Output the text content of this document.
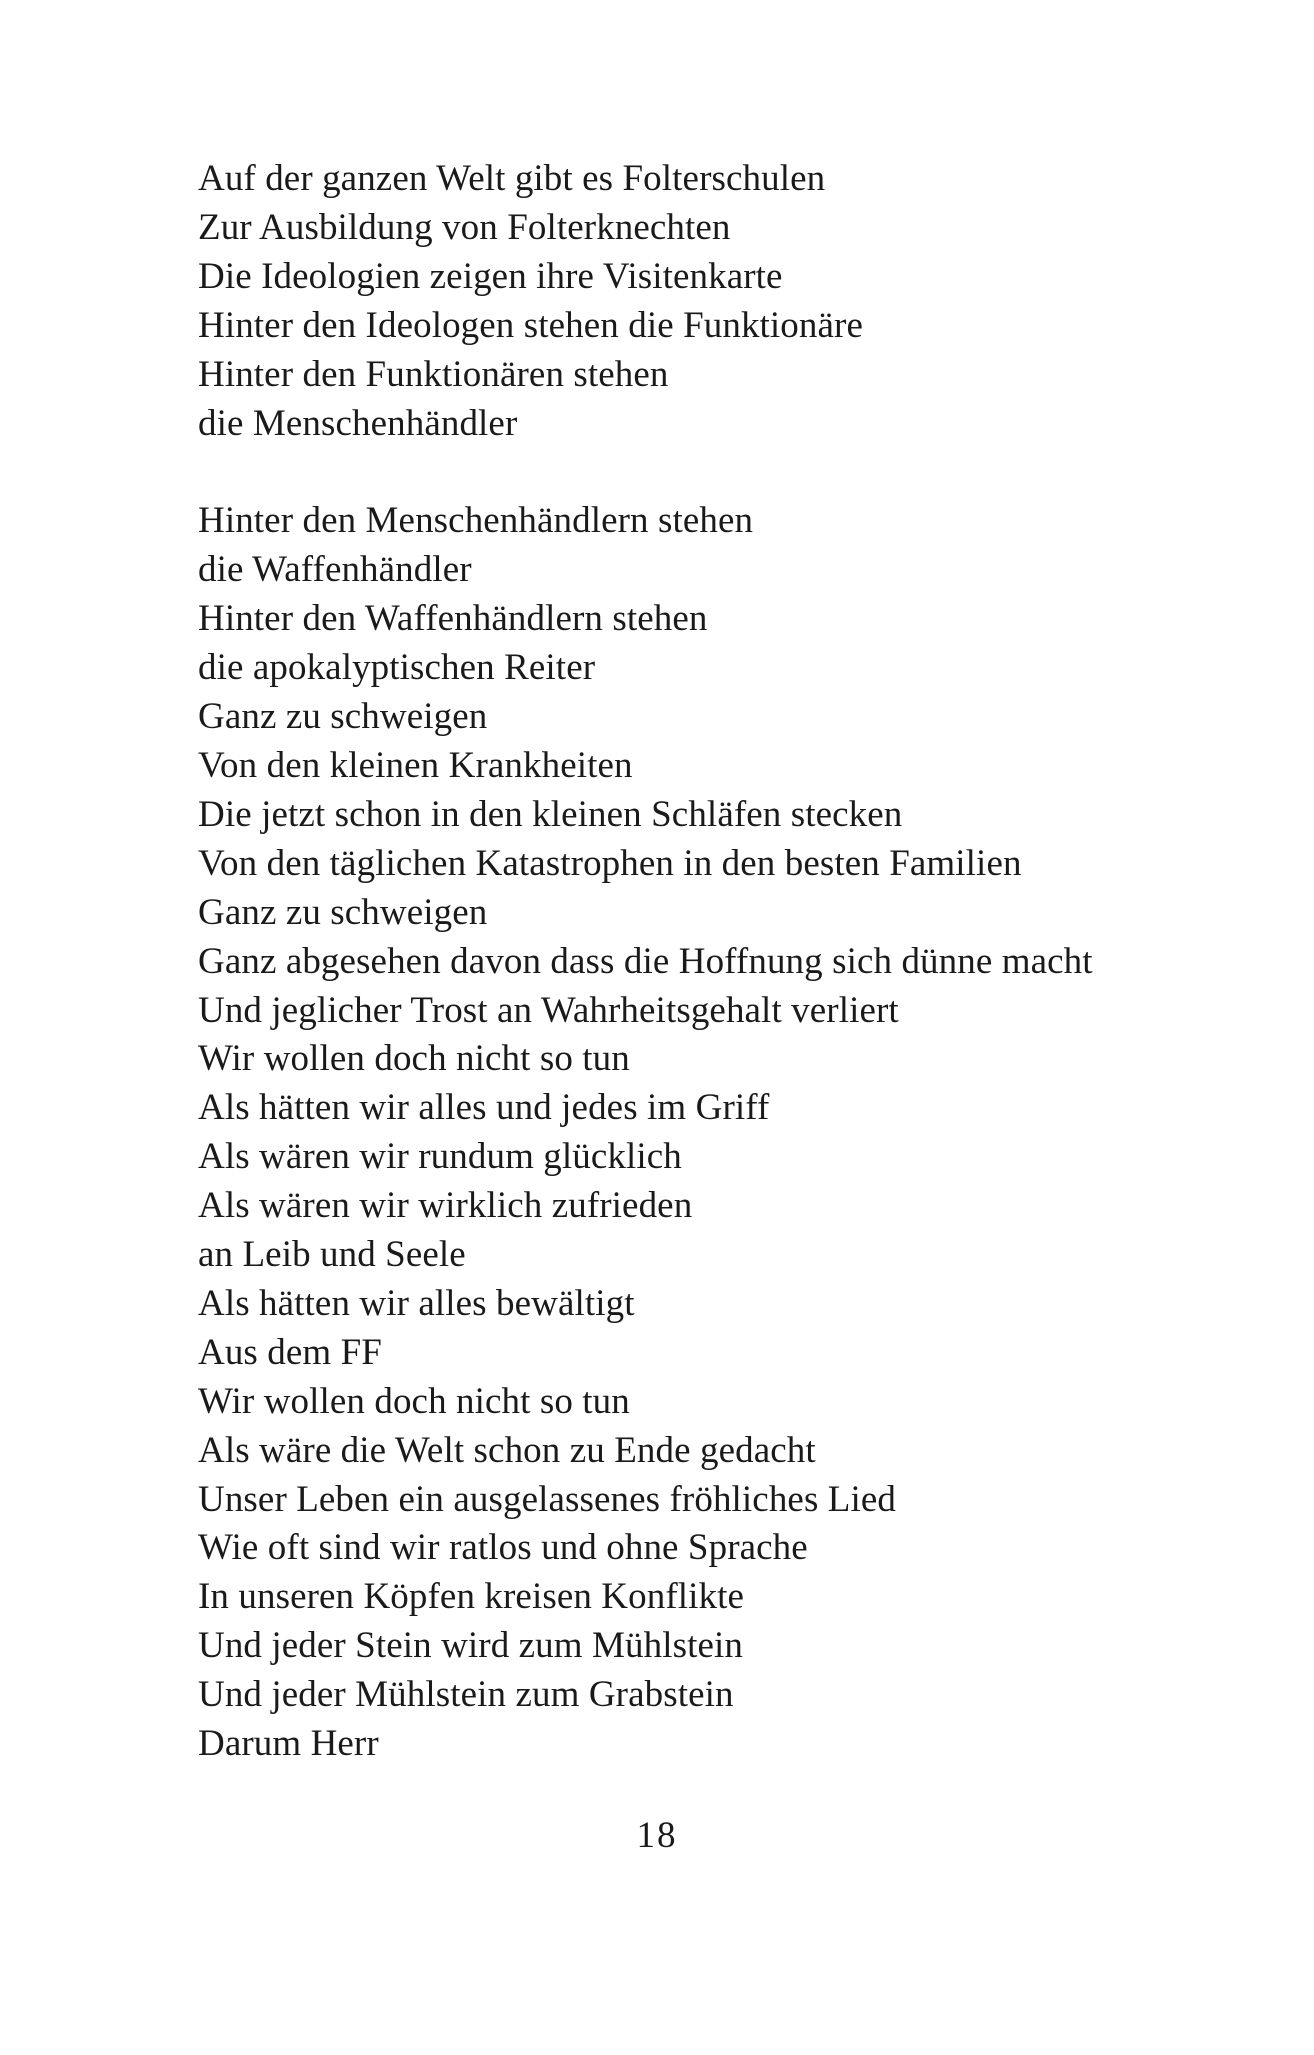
Auf der ganzen Welt gibt es Folterschulen
Zur Ausbildung von Folterknechten
Die Ideologien zeigen ihre Visitenkarte
Hinter den Ideologen stehen die Funktionäre
Hinter den Funktionären stehen
die Menschenhändler
Hinter den Menschenhändlern stehen
die Waffenhändler
Hinter den Waffenhändlern stehen
die apokalyptischen Reiter
Ganz zu schweigen
Von den kleinen Krankheiten
Die jetzt schon in den kleinen Schläfen stecken
Von den täglichen Katastrophen in den besten Familien
Ganz zu schweigen
Ganz abgesehen davon dass die Hoffnung sich dünne macht
Und jeglicher Trost an Wahrheitsgehalt verliert
Wir wollen doch nicht so tun
Als hätten wir alles und jedes im Griff
Als wären wir rundum glücklich
Als wären wir wirklich zufrieden
an Leib und Seele
Als hätten wir alles bewältigt
Aus dem FF
Wir wollen doch nicht so tun
Als wäre die Welt schon zu Ende gedacht
Unser Leben ein ausgelassenes fröhliches Lied
Wie oft sind wir ratlos und ohne Sprache
In unseren Köpfen kreisen Konflikte
Und jeder Stein wird zum Mühlstein
Und jeder Mühlstein zum Grabstein
Darum Herr
18
